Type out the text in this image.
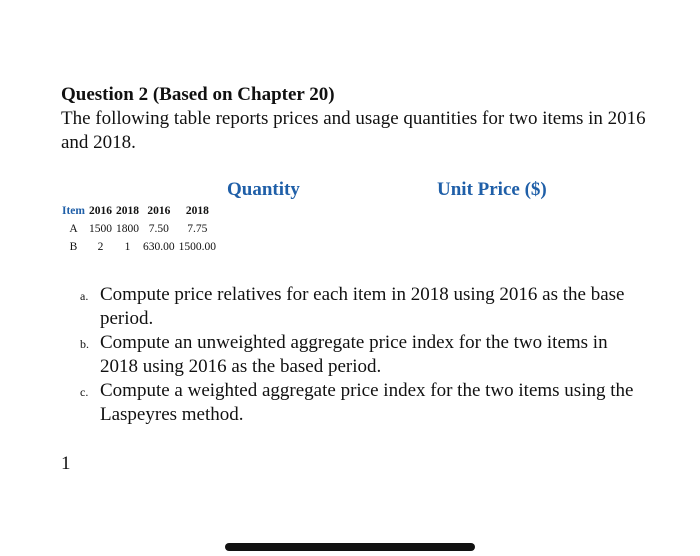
Question 2 (Based on Chapter 20)
The following table reports prices and usage quantities for two items in 2016 and 2018.
Quantity	Unit Price ($)
Item	2016	2018	2016	2018
A	1500	1800	7.50	7.75
B	2	1	630.00	1500.00
a. Compute price relatives for each item in 2018 using 2016 as the base period.
b. Compute an unweighted aggregate price index for the two items in 2018 using 2016 as the based period.
c. Compute a weighted aggregate price index for the two items using the Laspeyres method.
1
